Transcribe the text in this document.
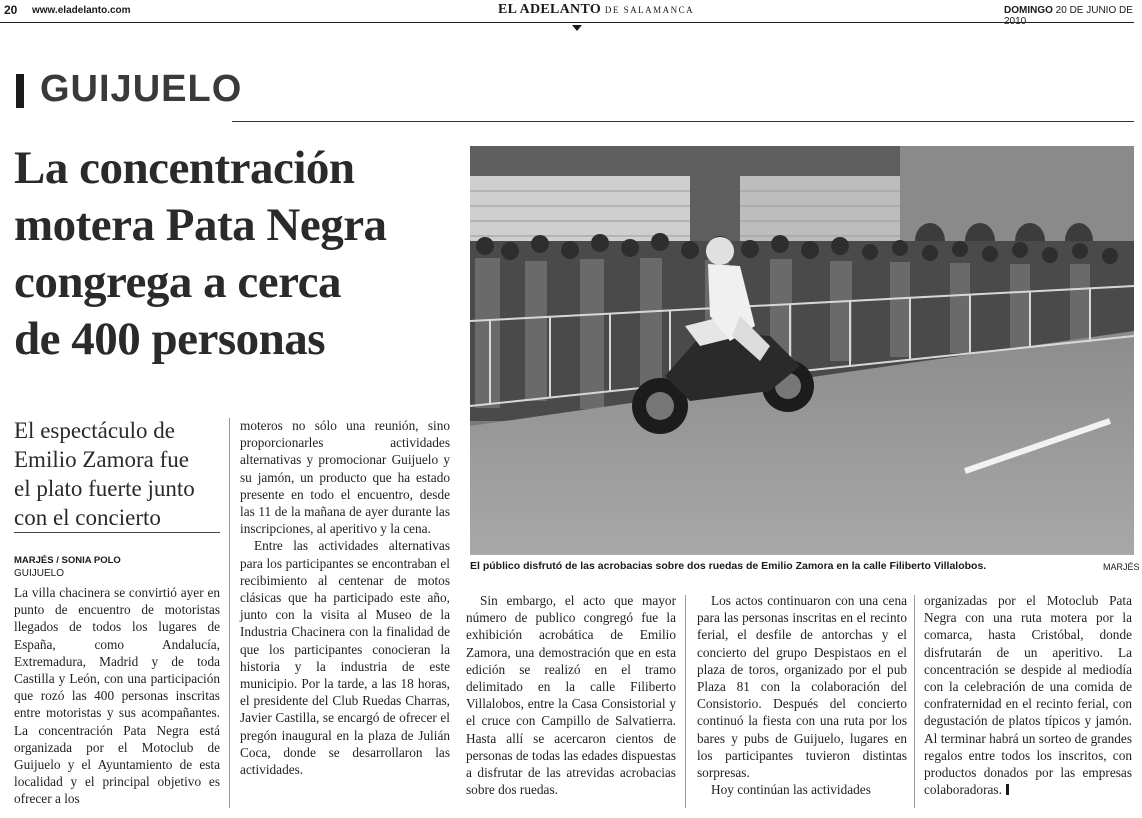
20 www.eladelanto.com	EL ADELANTO DE SALAMANCA	DOMINGO 20 DE JUNIO DE
GUIJUELO
La concentración
motera Pata Negra
congrega a cerca
de 400 personas
El espectáculo de
Emilio Zamora fue
el plato fuerte junto
con el concierto
MARJÉS / SONIA POLO
GUIJUELO

La villa chacinera se convirtió ayer en punto de encuentro de motoristas llegados de todos los lugares de España, como Andalucía, Extremadura, Madrid y de toda Castilla y León, con una participación que rozó las 400 personas inscritas entre motoristas y sus acompañantes. La concentración Pata Negra está organizada por el Motoclub de Guijuelo y el Ayuntamiento de esta localidad y el principal objetivo es ofrecer a los

moteros no sólo una reunión, sino proporcionarles actividades alternativas y promocionar Guijuelo y su jamón, un producto que ha estado presente en todo el encuentro, desde las 11 de la mañana de ayer durante las inscripciones, al aperitivo y la cena.

Entre las actividades alternativas para los participantes se encontraban el recibimiento al centenar de motos clásicas que ha participado este año, junto con la visita al Museo de la Industria Chacinera con la finalidad de que los participantes conocieran la historia y la industria de este municipio. Por la tarde, a las 18 horas, el presidente del Club Ruedas Charras, Javier Castilla, se encargó de ofrecer el pregón inaugural en la plaza de Julián Coca, donde se desarrollaron las actividades.

El público disfrutó de las acrobacias sobre dos ruedas de Emilio Zamora en la calle Filiberto Villalobos.	MARJÉS

Sin embargo, el acto que mayor número de publico congregó fue la exhibición acrobática de Emilio Zamora, una demostración que en esta edición se realizó en el tramo delimitado en la calle Filiberto Villalobos, entre la Casa Consistorial y el cruce con Campillo de Salvatierra. Hasta allí se acercaron cientos de personas de todas las edades dispuestas a disfrutar de las atrevidas acrobacias sobre dos ruedas.

Los actos continuaron con una cena para las personas inscritas en el recinto ferial, el desfile de antorchas y el concierto del grupo Despistaos en el plaza de toros, organizado por el pub Plaza 81 con la colaboración del Consistorio. Después del concierto continuó la fiesta con una ruta por los bares y pubs de Guijuelo, lugares en los participantes tuvieron distintas sorpresas.

Hoy continúan las actividades

organizadas por el Motoclub Pata Negra con una ruta motera por la comarca, hasta Cristóbal, donde disfrutarán de un aperitivo. La concentración se despide al mediodía con la celebración de una comida de confraternidad en el recinto ferial, con degustación de platos típicos y jamón. Al terminar habrá un sorteo de grandes regalos entre todos los inscritos, con productos donados por las empresas colaboradoras.
